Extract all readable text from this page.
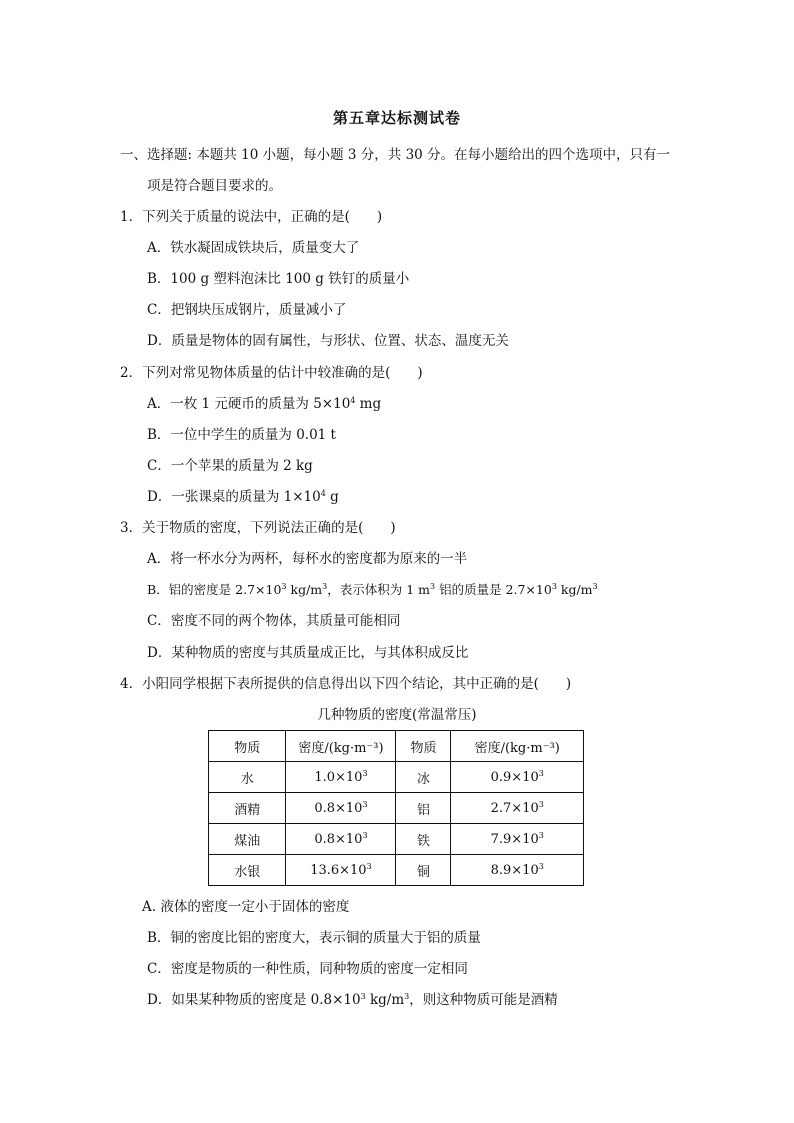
第五章达标测试卷
一、选择题: 本题共 10 小题，每小题 3 分，共 30 分。在每小题给出的四个选项中，只有一
项是符合题目要求的。
1．下列关于质量的说法中，正确的是(　　)
A．铁水凝固成铁块后，质量变大了
B．100 g 塑料泡沫比 100 g 铁钉的质量小
C．把钢块压成钢片，质量减小了
D．质量是物体的固有属性，与形状、位置、状态、温度无关
2．下列对常见物体质量的估计中较准确的是(　　)
A．一枚 1 元硬币的质量为 $5\times 10^4$ mg
B．一位中学生的质量为 0.01 t
C．一个苹果的质量为 2 kg
D．一张课桌的质量为 $1\times 10^4$ g
3．关于物质的密度，下列说法正确的是(　　)
A．将一杯水分为两杯，每杯水的密度都为原来的一半
B．铝的密度是 $2.7\times 10^3$ $kg/m^3$，表示体积为 1 $m^3$ 铝的质量是 $2.7\times 10^3$ $kg/m^3$
C．密度不同的两个物体，其质量可能相同
D．某种物质的密度与其质量成正比，与其体积成反比
4．小阳同学根据下表所提供的信息得出以下四个结论，其中正确的是(　　)
几种物质的密度(常温常压)
物质	密度/(kg·m⁻³)	物质	密度/(kg·m⁻³)
水	$1.0\times 10^3$	冰	$0.9\times 10^3$
酒精	$0.8\times 10^3$	铝	$2.7\times 10^3$
煤油	$0.8\times 10^3$	铁	$7.9\times 10^3$
水银	$13.6\times 10^3$	铜	$8.9\times 10^3$
A. 液体的密度一定小于固体的密度
B．铜的密度比铝的密度大，表示铜的质量大于铝的质量
C．密度是物质的一种性质，同种物质的密度一定相同
D．如果某种物质的密度是 $0.8\times 10^3$ $kg/m^3$，则这种物质可能是酒精
